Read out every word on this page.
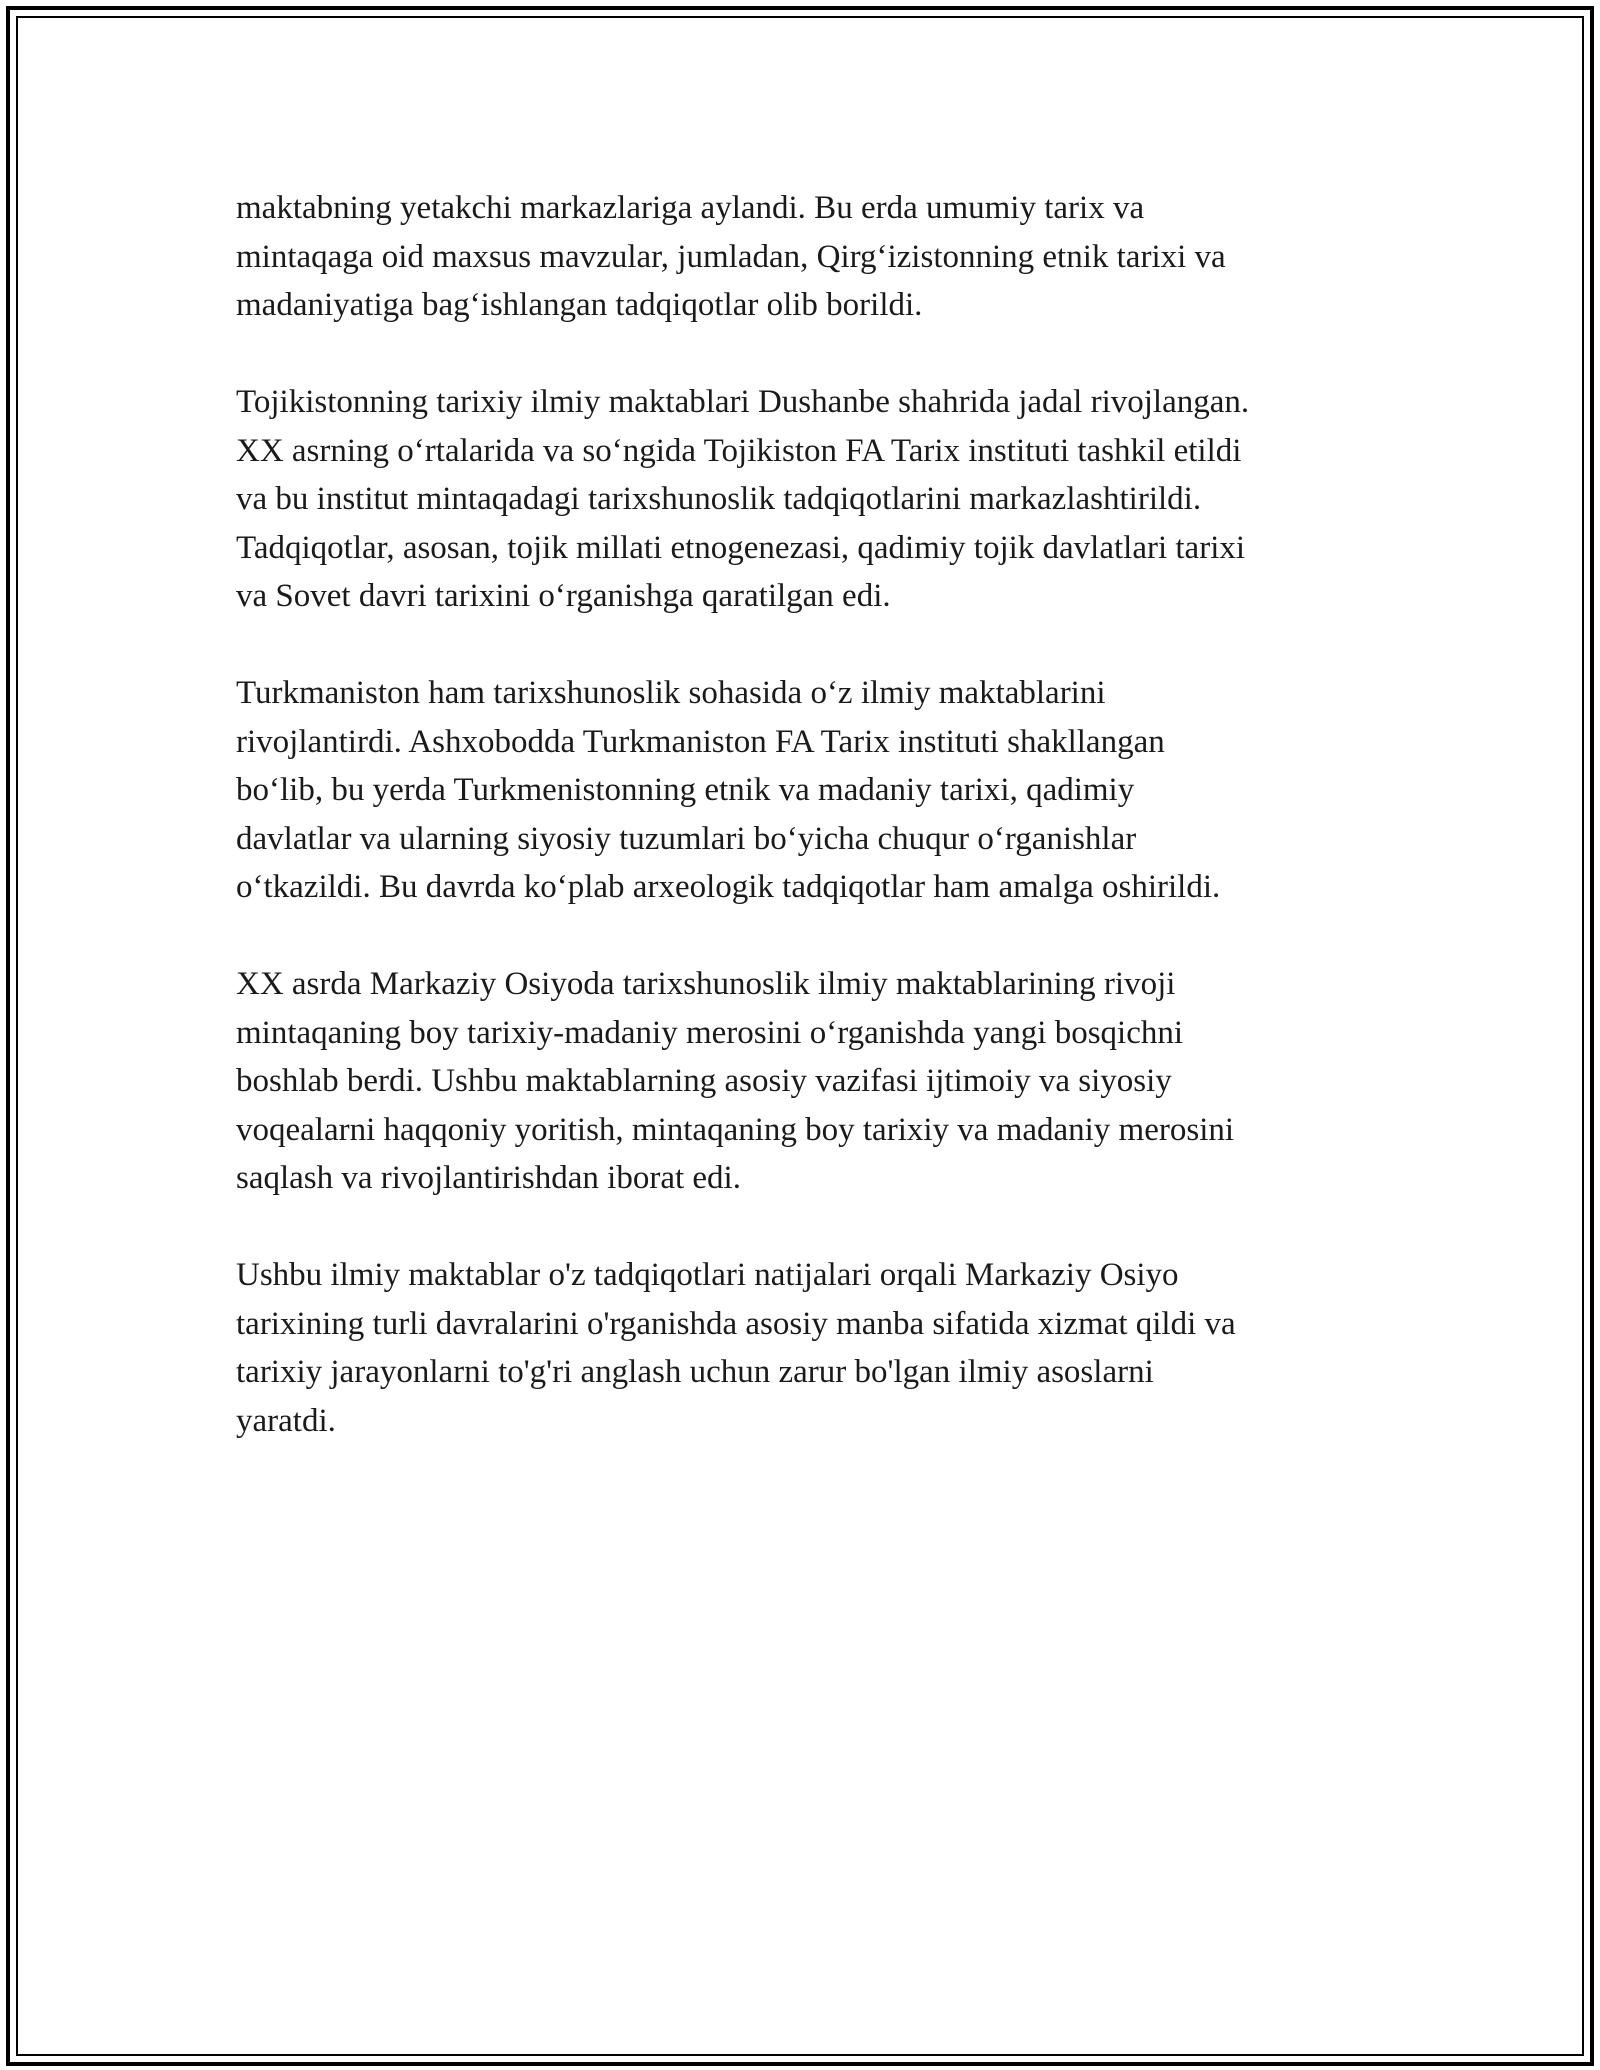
maktabning yetakchi markazlariga aylandi. Bu erda umumiy tarix va
mintaqaga oid maxsus mavzular, jumladan, Qirg‘izistonning etnik tarixi va
madaniyatiga bag‘ishlangan tadqiqotlar olib borildi.

Tojikistonning tarixiy ilmiy maktablari Dushanbe shahrida jadal rivojlangan.
XX asrning o‘rtalarida va so‘ngida Tojikiston FA Tarix instituti tashkil etildi
va bu institut mintaqadagi tarixshunoslik tadqiqotlarini markazlashtirildi.
Tadqiqotlar, asosan, tojik millati etnogenezasi, qadimiy tojik davlatlari tarixi
va Sovet davri tarixini o‘rganishga qaratilgan edi.

Turkmaniston ham tarixshunoslik sohasida o‘z ilmiy maktablarini
rivojlantirdi. Ashxobodda Turkmaniston FA Tarix instituti shakllangan
bo‘lib, bu yerda Turkmenistonning etnik va madaniy tarixi, qadimiy
davlatlar va ularning siyosiy tuzumlari bo‘yicha chuqur o‘rganishlar
o‘tkazildi. Bu davrda ko‘plab arxeologik tadqiqotlar ham amalga oshirildi.

XX asrda Markaziy Osiyoda tarixshunoslik ilmiy maktablarining rivoji
mintaqaning boy tarixiy-madaniy merosini o‘rganishda yangi bosqichni
boshlab berdi. Ushbu maktablarning asosiy vazifasi ijtimoiy va siyosiy
voqealarni haqqoniy yoritish, mintaqaning boy tarixiy va madaniy merosini
saqlash va rivojlantirishdan iborat edi.

Ushbu ilmiy maktablar o'z tadqiqotlari natijalari orqali Markaziy Osiyo
tarixining turli davralarini o'rganishda asosiy manba sifatida xizmat qildi va
tarixiy jarayonlarni to'g'ri anglash uchun zarur bo'lgan ilmiy asoslarni
yaratdi.
